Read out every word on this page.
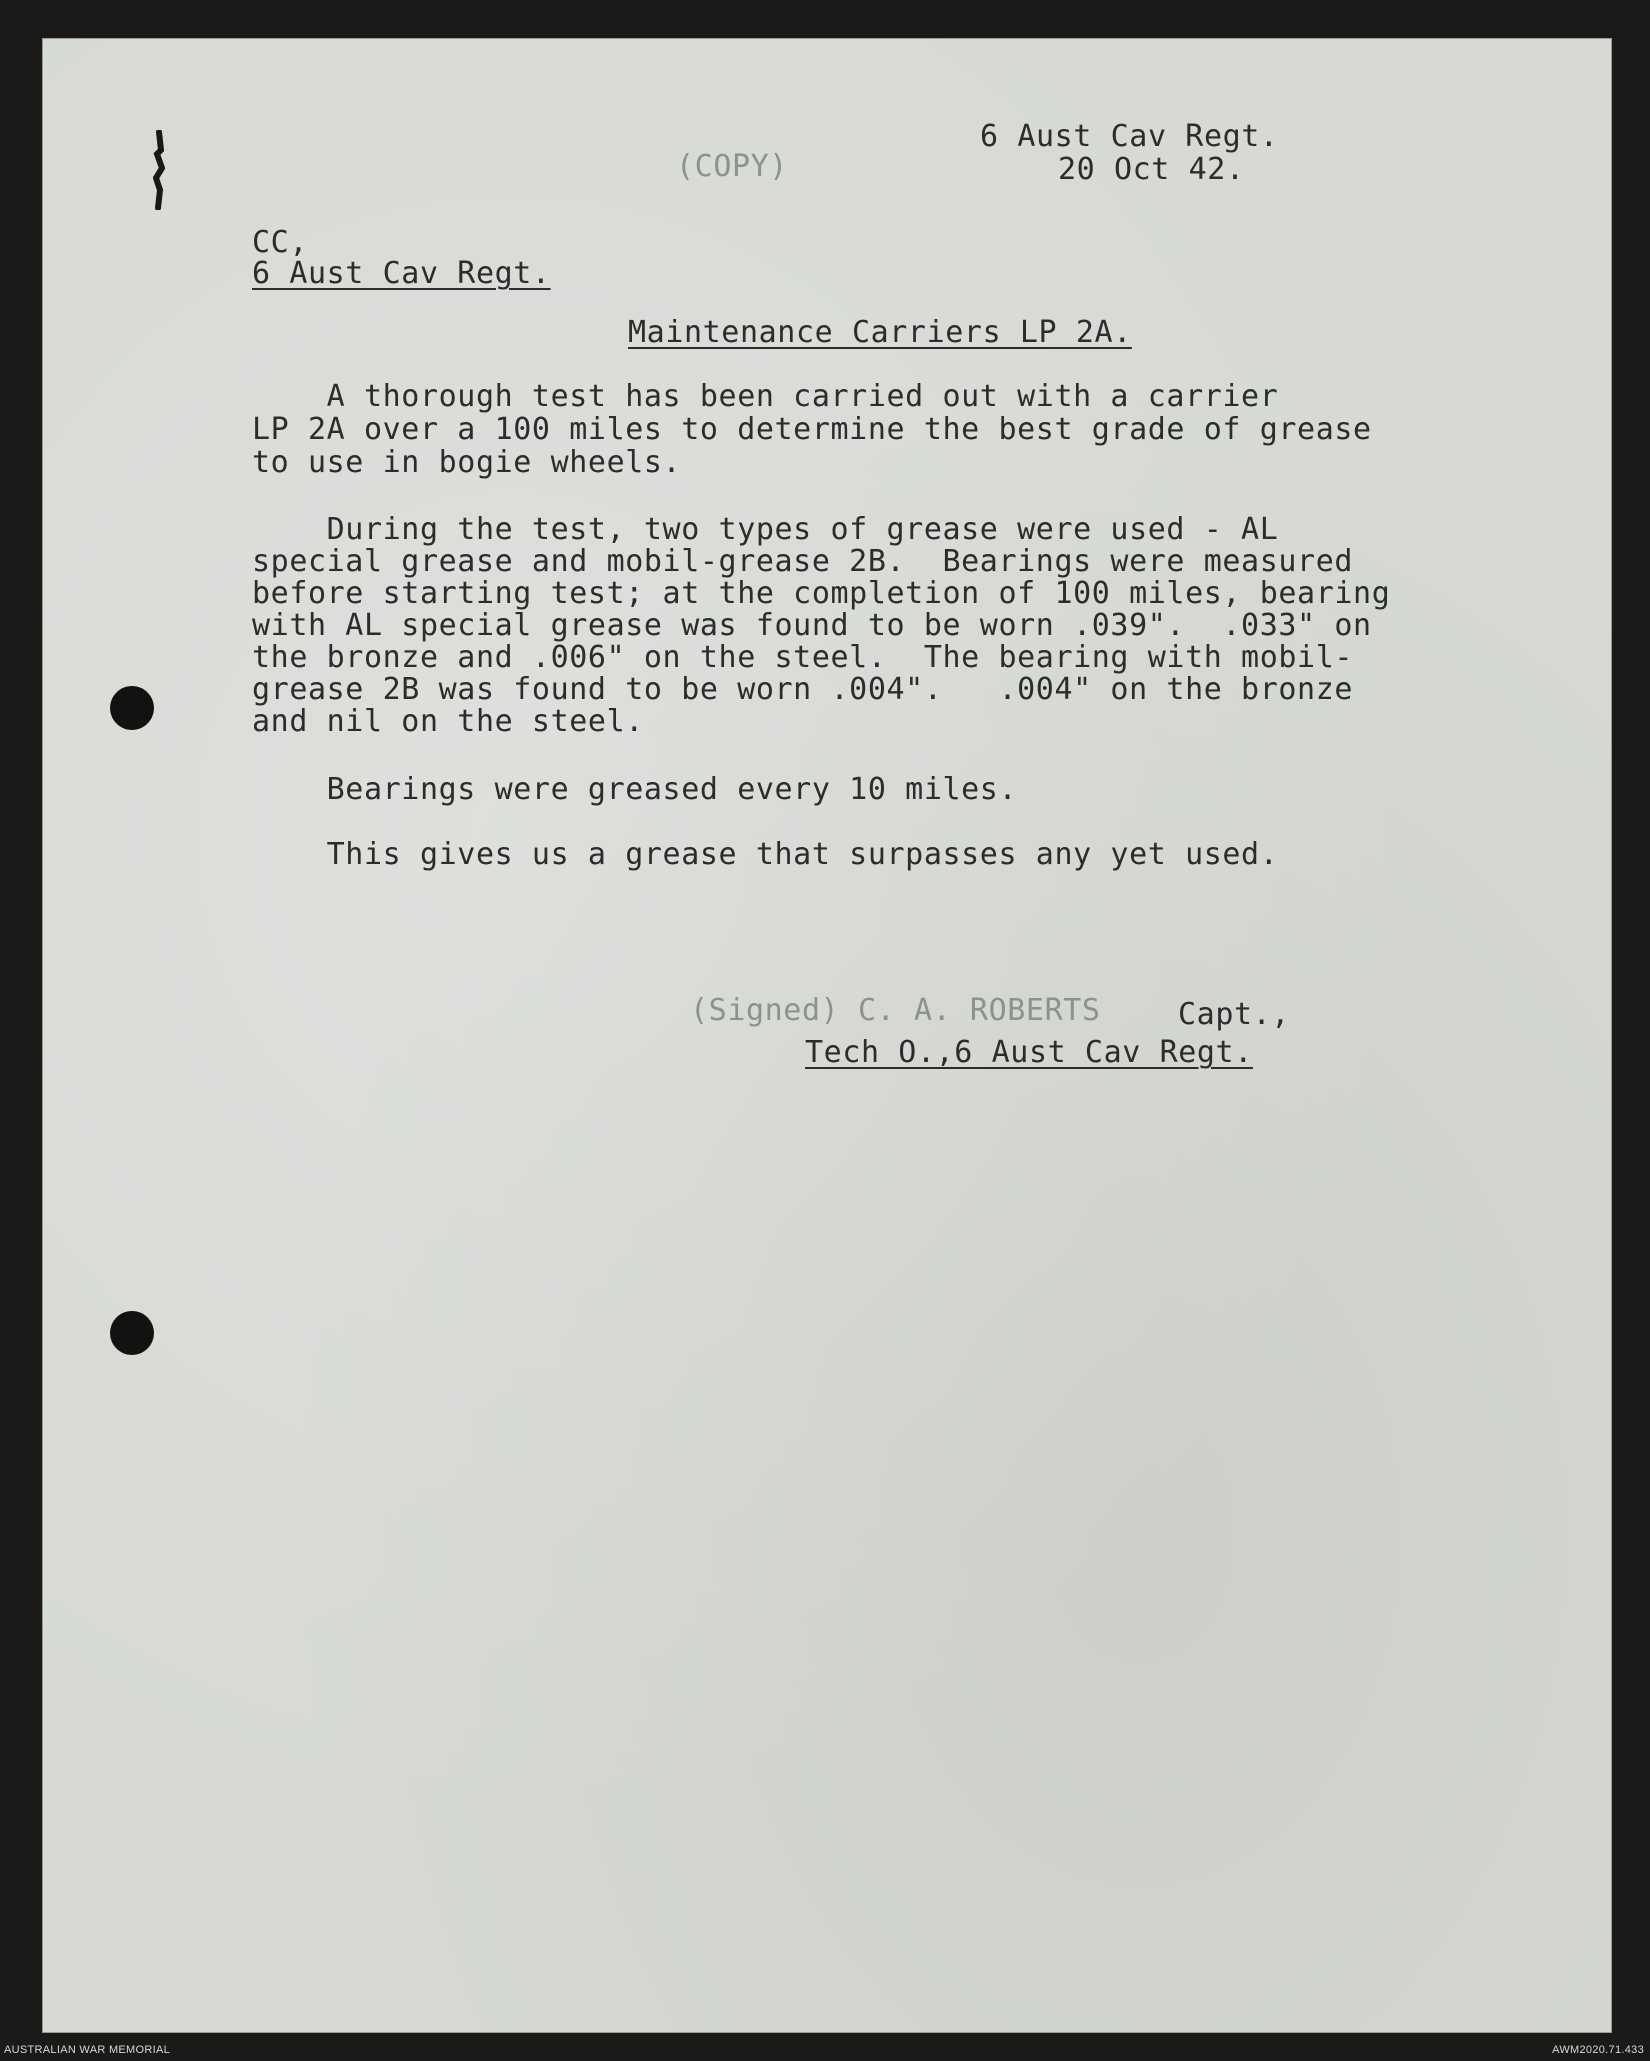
(COPY)
6 Aust Cav Regt.
20 Oct 42.
CC,
6 Aust Cav Regt.
Maintenance Carriers LP 2A.
A thorough test has been carried out with a carrier
LP 2A over a 100 miles to determine the best grade of grease
to use in bogie wheels.
During the test, two types of grease were used - AL
special grease and mobil-grease 2B.  Bearings were measured
before starting test; at the completion of 100 miles, bearing
with AL special grease was found to be worn .039".  .033" on
the bronze and .006" on the steel.  The bearing with mobil-
grease 2B was found to be worn .004".   .004" on the bronze
and nil on the steel.
Bearings were greased every 10 miles.
This gives us a grease that surpasses any yet used.
(Signed) C. A. ROBERTS	Capt.,
Tech O.,6 Aust Cav Regt.
AUSTRALIAN WAR MEMORIAL	AWM2020.71.433
